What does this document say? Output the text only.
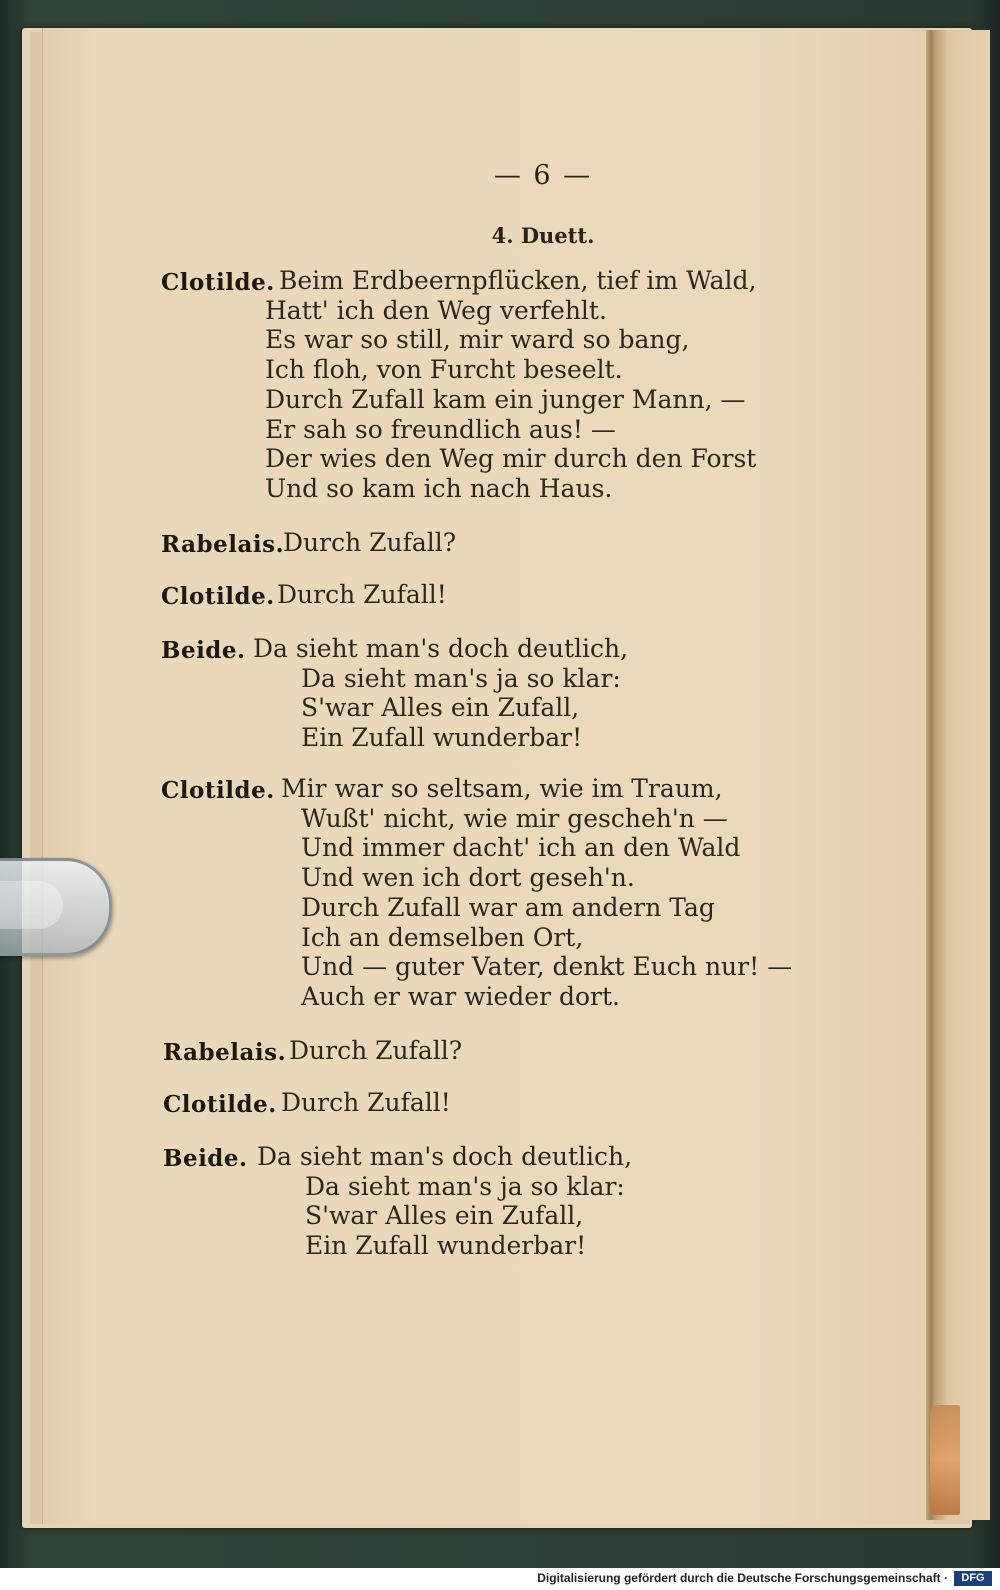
— 6 —
4. Duett.
Clotilde. Beim Erdbeernpflücken, tief im Wald,
Hatt' ich den Weg verfehlt.
Es war so still, mir ward so bang,
Ich floh, von Furcht beseelt.
Durch Zufall kam ein junger Mann, —
Er sah so freundlich aus! —
Der wies den Weg mir durch den Forst
Und so kam ich nach Haus.
Rabelais.
Durch Zufall?
Clotilde. Durch Zufall!
Beide. Da sieht man's doch deutlich,
Da sieht man's ja so klar:
S'war Alles ein Zufall,
Ein Zufall wunderbar!
Clotilde. Mir war so seltsam, wie im Traum,
Wußt' nicht, wie mir gescheh'n —
Und immer dacht' ich an den Wald
Und wen ich dort geseh'n.
Durch Zufall war am andern Tag
Ich an demselben Ort,
Und — guter Vater, denkt Euch nur! —
Auch er war wieder dort.
Rabelais. Durch Zufall?
Clotilde. Durch Zufall!
Beide. Da sieht man's doch deutlich,
Da sieht man's ja so klar:
S'war Alles ein Zufall,
Ein Zufall wunderbar!
Digitalisierung gefördert durch die Deutsche Forschungsgemeinschaft ·	DFG
